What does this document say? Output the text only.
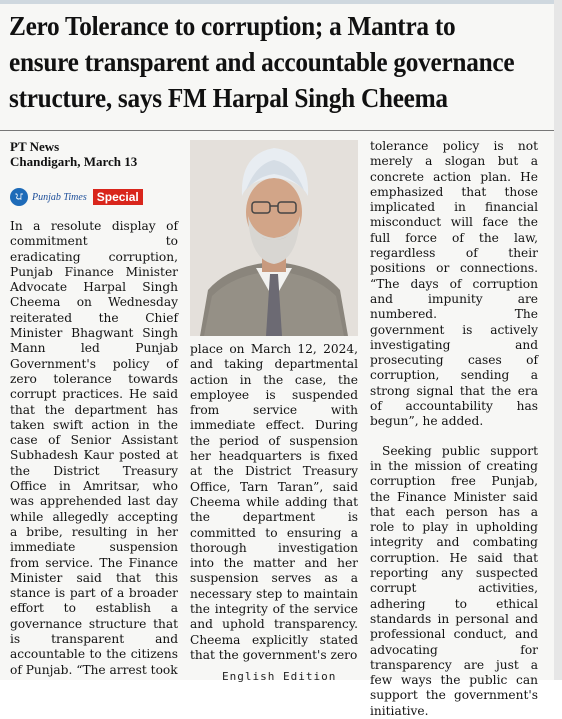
Zero Tolerance to corruption; a Mantra to
ensure transparent and accountable governance
structure, says FM Harpal Singh Cheema
PT News
Chandigarh, March 13
ਪ Punjab Times Special

In a resolute display of commitment to eradicating corruption, Punjab Finance Minister Advocate Harpal Singh Cheema on Wednesday reiterated the Chief Minister Bhagwant Singh Mann led Punjab Government's policy of zero tolerance towards corrupt practices. He said that the department has taken swift action in the case of Senior Assistant Subhadesh Kaur posted at the District Treasury Office in Amritsar, who was apprehended last day while allegedly accepting a bribe, resulting in her immediate suspension from service. The Finance Minister said that this stance is part of a broader effort to establish a governance structure that is transparent and accountable to the citizens of Punjab. “The arrest took

place on March 12, 2024, and taking departmental action in the case, the employee is suspended from service with immediate effect. During the period of suspension her headquarters is fixed at the District Treasury Office, Tarn Taran”, said Cheema while adding that the department is committed to ensuring a thorough investigation into the matter and her suspension serves as a necessary step to maintain the integrity of the service and uphold transparency. Cheema explicitly stated that the government's zero

tolerance policy is not merely a slogan but a concrete action plan. He emphasized that those implicated in financial misconduct will face the full force of the law, regardless of their positions or connections. “The days of corruption and impunity are numbered. The government is actively investigating and prosecuting cases of corruption, sending a strong signal that the era of accountability has begun”, he added.

Seeking public support in the mission of creating corruption free Punjab, the Finance Minister said that each person has a role to play in upholding integrity and combating corruption. He said that reporting any suspected corrupt activities, adhering to ethical standards in personal and professional conduct, and advocating for transparency are just a few ways the public can support the government's initiative.

English Edition
